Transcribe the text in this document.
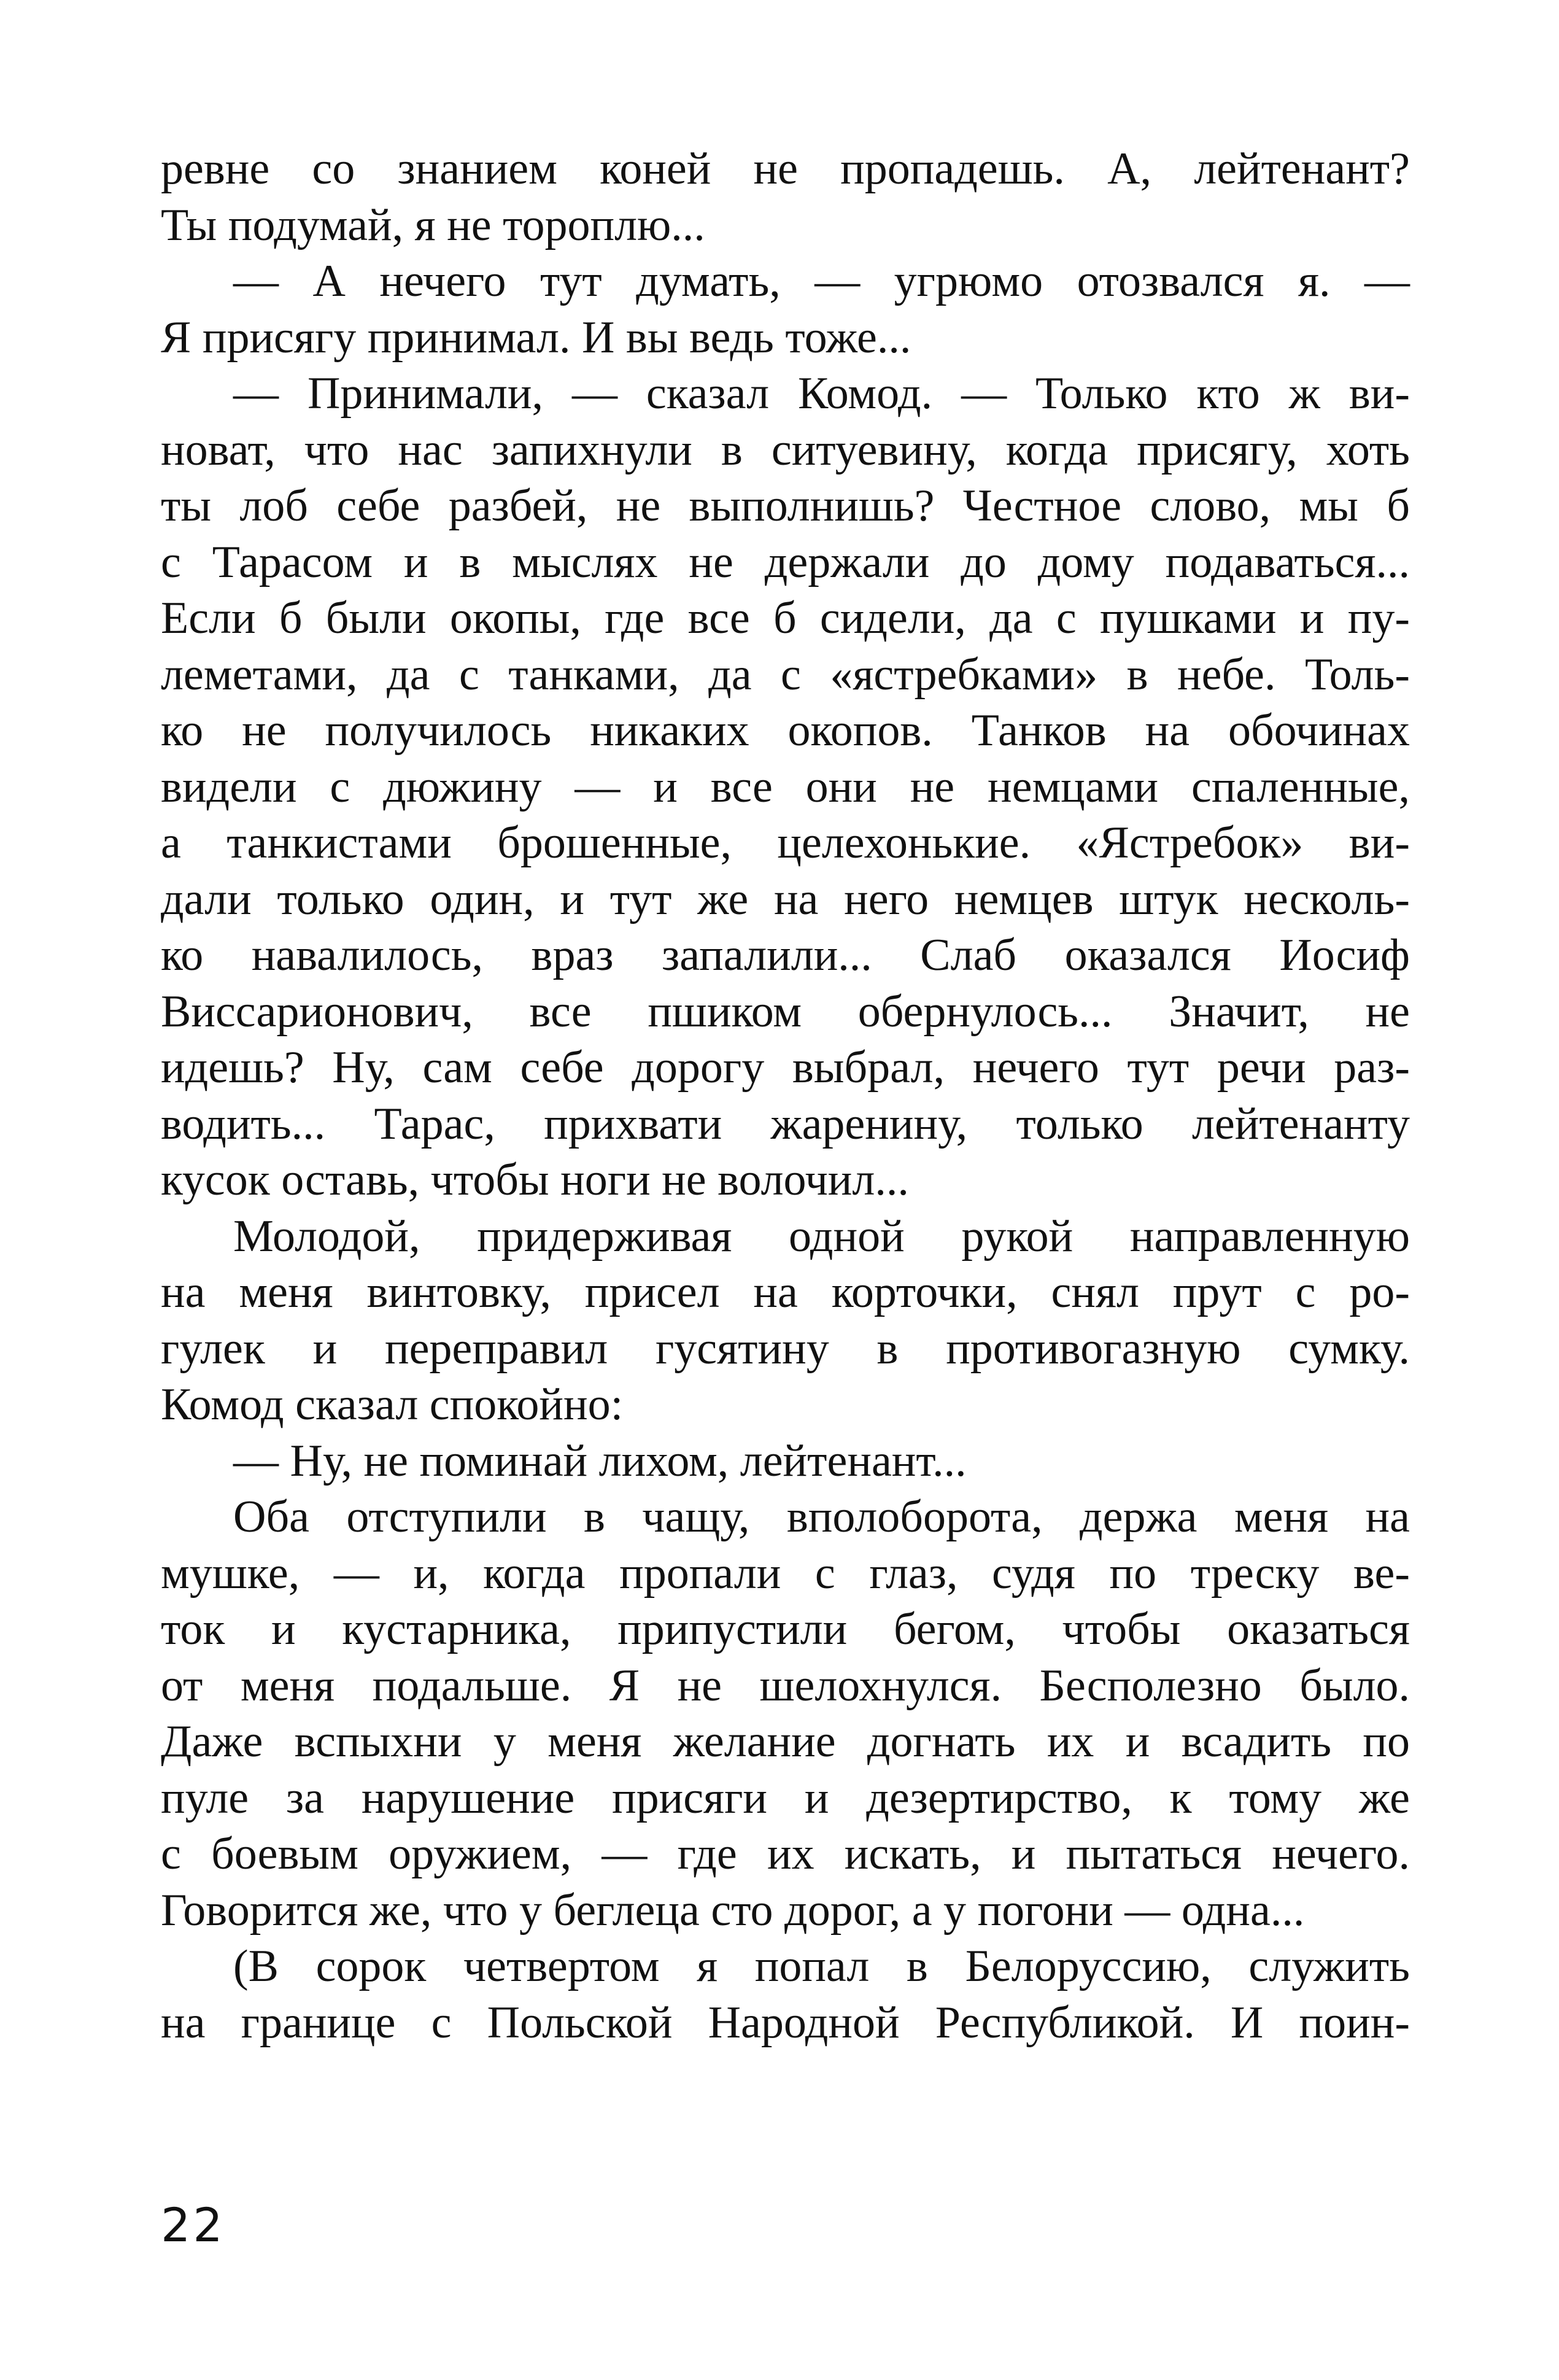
ревне со знанием коней не пропадешь. А, лейтенант?
Ты подумай, я не тороплю...
— А нечего тут думать, — угрюмо отозвался я. —
Я присягу принимал. И вы ведь тоже...
— Принимали, — сказал Комод. — Только кто ж ви-
новат, что нас запихнули в ситуевину, когда присягу, хоть
ты лоб себе разбей, не выполнишь? Честное слово, мы б
с Тарасом и в мыслях не держали до дому подаваться...
Если б были окопы, где все б сидели, да с пушками и пу-
леметами, да с танками, да с «ястребками» в небе. Толь-
ко не получилось никаких окопов. Танков на обочинах
видели с дюжину — и все они не немцами спаленные,
а танкистами брошенные, целехонькие. «Ястребок» ви-
дали только один, и тут же на него немцев штук несколь-
ко навалилось, враз запалили... Слаб оказался Иосиф
Виссарионович, все пшиком обернулось... Значит, не
идешь? Ну, сам себе дорогу выбрал, нечего тут речи раз-
водить... Тарас, прихвати жаренину, только лейтенанту
кусок оставь, чтобы ноги не волочил...
Молодой, придерживая одной рукой направленную
на меня винтовку, присел на корточки, снял прут с ро-
гулек и переправил гусятину в противогазную сумку.
Комод сказал спокойно:
— Ну, не поминай лихом, лейтенант...
Оба отступили в чащу, вполоборота, держа меня на
мушке, — и, когда пропали с глаз, судя по треску ве-
ток и кустарника, припустили бегом, чтобы оказаться
от меня подальше. Я не шелохнулся. Бесполезно было.
Даже вспыхни у меня желание догнать их и всадить по
пуле за нарушение присяги и дезертирство, к тому же
с боевым оружием, — где их искать, и пытаться нечего.
Говорится же, что у беглеца сто дорог, а у погони — одна...
(В сорок четвертом я попал в Белоруссию, служить
на границе с Польской Народной Республикой. И поин-
22
